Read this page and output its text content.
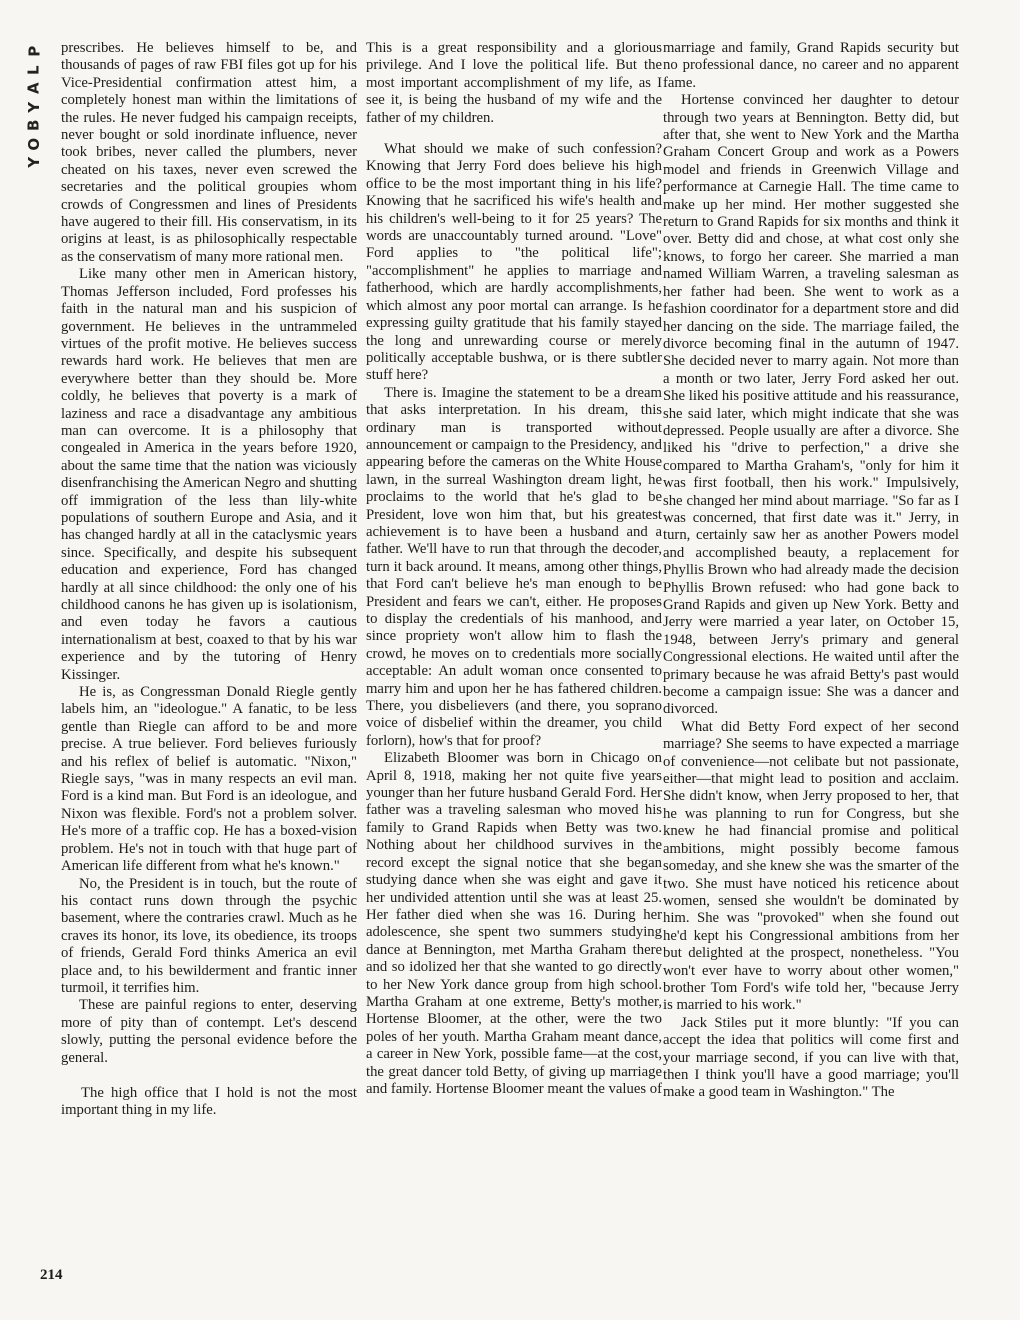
P
L
A
Y
B
O
Y
214

prescribes. He believes himself to be, and thousands of pages of raw FBI files got up for his Vice-Presidential confirmation attest him, a completely honest man within the limitations of the rules. He never fudged his campaign receipts, never bought or sold inordinate influence, never took bribes, never called the plumbers, never cheated on his taxes, never even screwed the secretaries and the political groupies whom crowds of Congressmen and lines of Presidents have augered to their fill. His conservatism, in its origins at least, is as philosophically respectable as the conservatism of many more rational men.

Like many other men in American history, Thomas Jefferson included, Ford professes his faith in the natural man and his suspicion of government. He believes in the untrammeled virtues of the profit motive. He believes success rewards hard work. He believes that men are everywhere better than they should be. More coldly, he believes that poverty is a mark of laziness and race a disadvantage any ambitious man can overcome. It is a philosophy that congealed in America in the years before 1920, about the same time that the nation was viciously disenfranchising the American Negro and shutting off immigration of the less than lily-white populations of southern Europe and Asia, and it has changed hardly at all in the cataclysmic years since. Specifically, and despite his subsequent education and experience, Ford has changed hardly at all since childhood: the only one of his childhood canons he has given up is isolationism, and even today he favors a cautious internationalism at best, coaxed to that by his war experience and by the tutoring of Henry Kissinger.

He is, as Congressman Donald Riegle gently labels him, an "ideologue." A fanatic, to be less gentle than Riegle can afford to be and more precise. A true believer. Ford believes furiously and his reflex of belief is automatic. "Nixon," Riegle says, "was in many respects an evil man. Ford is a kind man. But Ford is an ideologue, and Nixon was flexible. Ford's not a problem solver. He's more of a traffic cop. He has a boxed-vision problem. He's not in touch with that huge part of American life different from what he's known."

No, the President is in touch, but the route of his contact runs down through the psychic basement, where the contraries crawl. Much as he craves its honor, its love, its obedience, its troops of friends, Gerald Ford thinks America an evil place and, to his bewilderment and frantic inner turmoil, it terrifies him.

These are painful regions to enter, deserving more of pity than of contempt. Let's descend slowly, putting the personal evidence before the general.

The high office that I hold is not the most important thing in my life.

This is a great responsibility and a glorious privilege. And I love the political life. But the most important accomplishment of my life, as I see it, is being the husband of my wife and the father of my children.

What should we make of such confession? Knowing that Jerry Ford does believe his high office to be the most important thing in his life? Knowing that he sacrificed his wife's health and his children's well-being to it for 25 years? The words are unaccountably turned around. "Love" Ford applies to "the political life"; "accomplishment" he applies to marriage and fatherhood, which are hardly accomplishments, which almost any poor mortal can arrange. Is he expressing guilty gratitude that his family stayed the long and unrewarding course or merely politically acceptable bushwa, or is there subtler stuff here?

There is. Imagine the statement to be a dream that asks interpretation. In his dream, this ordinary man is transported without announcement or campaign to the Presidency, and appearing before the cameras on the White House lawn, in the surreal Washington dream light, he proclaims to the world that he's glad to be President, love won him that, but his greatest achievement is to have been a husband and a father. We'll have to run that through the decoder, turn it back around. It means, among other things, that Ford can't believe he's man enough to be President and fears we can't, either. He proposes to display the credentials of his manhood, and since propriety won't allow him to flash the crowd, he moves on to credentials more socially acceptable: An adult woman once consented to marry him and upon her he has fathered children. There, you disbelievers (and there, you soprano voice of disbelief within the dreamer, you child forlorn), how's that for proof?

Elizabeth Bloomer was born in Chicago on April 8, 1918, making her not quite five years younger than her future husband Gerald Ford. Her father was a traveling salesman who moved his family to Grand Rapids when Betty was two. Nothing about her childhood survives in the record except the signal notice that she began studying dance when she was eight and gave it her undivided attention until she was at least 25. Her father died when she was 16. During her adolescence, she spent two summers studying dance at Bennington, met Martha Graham there and so idolized her that she wanted to go directly to her New York dance group from high school. Martha Graham at one extreme, Betty's mother, Hortense Bloomer, at the other, were the two poles of her youth. Martha Graham meant dance, a career in New York, possible fame—at the cost, the great dancer told Betty, of giving up marriage and family. Hortense Bloomer meant the values of

marriage and family, Grand Rapids security but no professional dance, no career and no apparent fame.

Hortense convinced her daughter to detour through two years at Bennington. Betty did, but after that, she went to New York and the Martha Graham Concert Group and work as a Powers model and friends in Greenwich Village and performance at Carnegie Hall. The time came to make up her mind. Her mother suggested she return to Grand Rapids for six months and think it over. Betty did and chose, at what cost only she knows, to forgo her career. She married a man named William Warren, a traveling salesman as her father had been. She went to work as a fashion coordinator for a department store and did her dancing on the side. The marriage failed, the divorce becoming final in the autumn of 1947. She decided never to marry again. Not more than a month or two later, Jerry Ford asked her out. She liked his positive attitude and his reassurance, she said later, which might indicate that she was depressed. People usually are after a divorce. She liked his "drive to perfection," a drive she compared to Martha Graham's, "only for him it was first football, then his work." Impulsively, she changed her mind about marriage. "So far as I was concerned, that first date was it." Jerry, in turn, certainly saw her as another Powers model and accomplished beauty, a replacement for Phyllis Brown who had already made the decision Phyllis Brown refused: who had gone back to Grand Rapids and given up New York. Betty and Jerry were married a year later, on October 15, 1948, between Jerry's primary and general Congressional elections. He waited until after the primary because he was afraid Betty's past would become a campaign issue: She was a dancer and divorced.

What did Betty Ford expect of her second marriage? She seems to have expected a marriage of convenience—not celibate but not passionate, either—that might lead to position and acclaim. She didn't know, when Jerry proposed to her, that he was planning to run for Congress, but she knew he had financial promise and political ambitions, might possibly become famous someday, and she knew she was the smarter of the two. She must have noticed his reticence about women, sensed she wouldn't be dominated by him. She was "provoked" when she found out he'd kept his Congressional ambitions from her but delighted at the prospect, nonetheless. "You won't ever have to worry about other women," brother Tom Ford's wife told her, "because Jerry is married to his work."

Jack Stiles put it more bluntly: "If you can accept the idea that politics will come first and your marriage second, if you can live with that, then I think you'll have a good marriage; you'll make a good team in Washington." The
